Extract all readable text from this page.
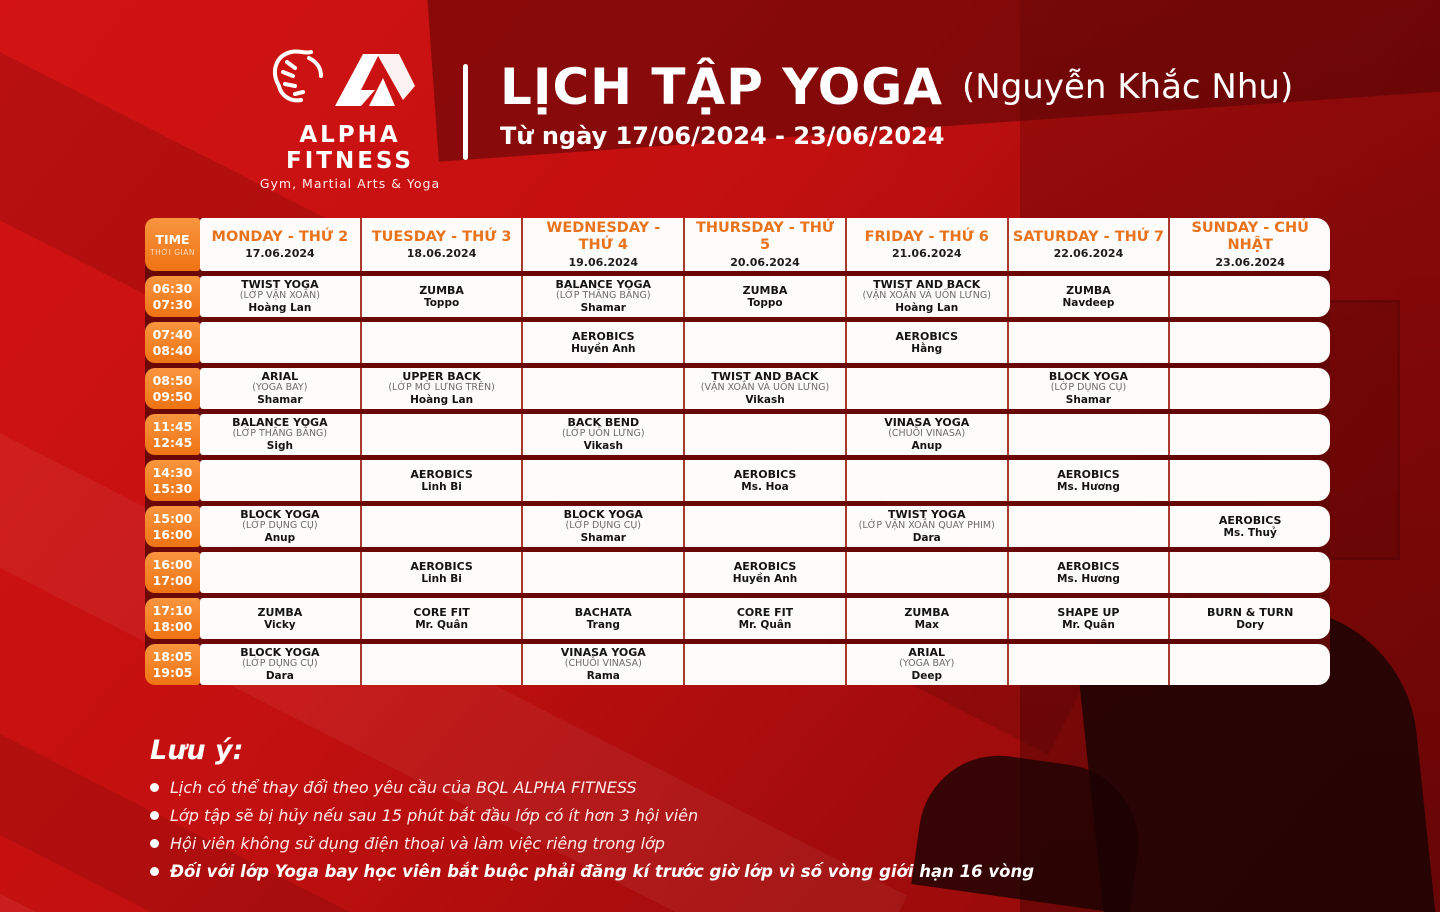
ALPHA FITNESS
Gym, Martial Arts & Yoga
LỊCH TẬP YOGA (Nguyễn Khắc Nhu)
Từ ngày 17/06/2024 - 23/06/2024
TIME
THỜI GIAN
MONDAY - THỨ 2
17.06.2024
TUESDAY - THỨ 3
18.06.2024
WEDNESDAY - THỨ 4
19.06.2024
THURSDAY - THỨ 5
20.06.2024
FRIDAY - THỨ 6
21.06.2024
SATURDAY - THỨ 7
22.06.2024
SUNDAY - CHỦ NHẬT
23.06.2024
06:30
07:30
TWIST YOGA
(LỚP VẶN XOẮN)
Hoàng Lan
ZUMBA
Toppo
BALANCE YOGA
(LỚP THĂNG BẰNG)
Shamar
ZUMBA
Toppo
TWIST AND BACK
(VẶN XOẮN VÀ UỐN LƯNG)
Hoàng Lan
ZUMBA
Navdeep
07:40
08:40
AEROBICS
Huyền Anh
AEROBICS
Hằng
08:50
09:50
ARIAL
(YOGA BAY)
Shamar
UPPER BACK
(LỚP MỞ LƯNG TRÊN)
Hoàng Lan
TWIST AND BACK
(VẶN XOẮN VÀ UỐN LƯNG)
Vikash
BLOCK YOGA
(LỚP DỤNG CỤ)
Shamar
11:45
12:45
BALANCE YOGA
(LỚP THĂNG BẰNG)
Sigh
BACK BEND
(LỚP UỐN LƯNG)
Vikash
VINASA YOGA
(CHUỖI VINASA)
Anup
14:30
15:30
AEROBICS
Linh Bi
AEROBICS
Ms. Hoa
AEROBICS
Ms. Hương
15:00
16:00
BLOCK YOGA
(LỚP DỤNG CỤ)
Anup
BLOCK YOGA
(LỚP DỤNG CỤ)
Shamar
TWIST YOGA
(LỚP VẶN XOẮN QUAY PHIM)
Dara
AEROBICS
Ms. Thuỷ
16:00
17:00
AEROBICS
Linh Bi
AEROBICS
Huyền Anh
AEROBICS
Ms. Hương
17:10
18:00
ZUMBA
Vicky
CORE FIT
Mr. Quân
BACHATA
Trang
CORE FIT
Mr. Quân
ZUMBA
Max
SHAPE UP
Mr. Quân
BURN & TURN
Dory
18:05
19:05
BLOCK YOGA
(LỚP DỤNG CỤ)
Dara
VINASA YOGA
(CHUỖI VINASA)
Rama
ARIAL
(YOGA BAY)
Deep
Lưu ý:
Lịch có thể thay đổi theo yêu cầu của BQL ALPHA FITNESS
Lớp tập sẽ bị hủy nếu sau 15 phút bắt đầu lớp có ít hơn 3 hội viên
Hội viên không sử dụng điện thoại và làm việc riêng trong lớp
Đối với lớp Yoga bay học viên bắt buộc phải đăng kí trước giờ lớp vì số vòng giới hạn 16 vòng
